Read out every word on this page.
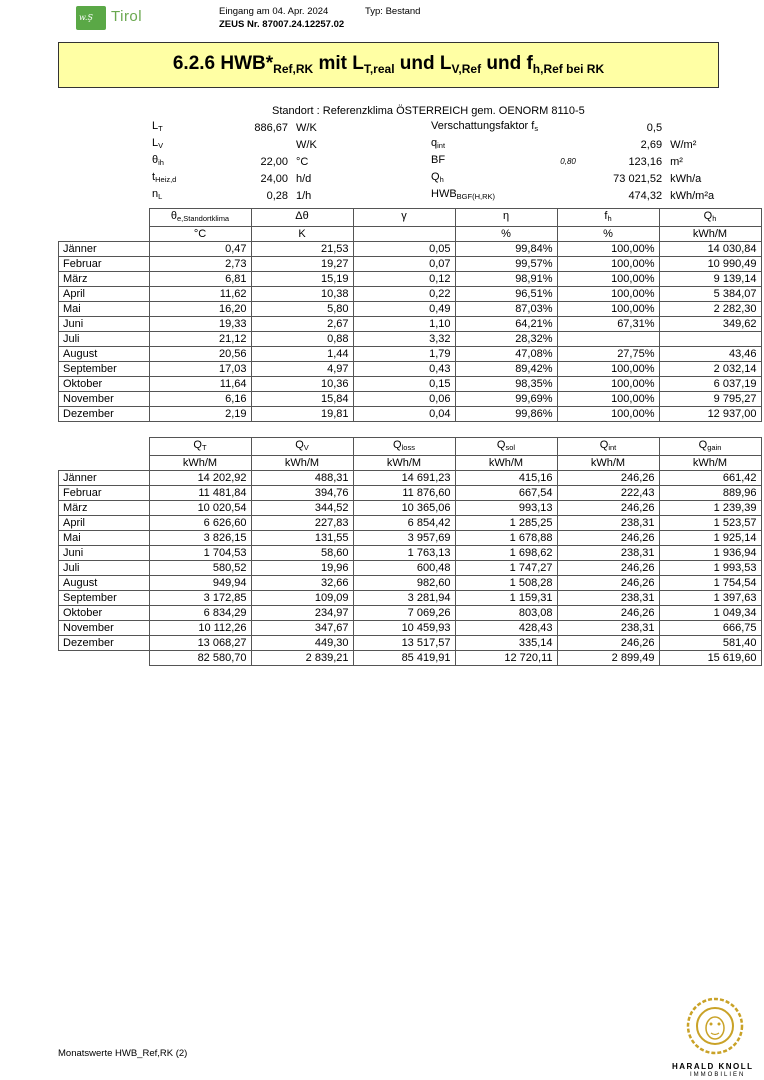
w.Ş Tirol	Eingang am 04. Apr. 2024	Typ: Bestand
ZEUS Nr. 87007.24.12257.02
6.2.6 $HWB*_{Ref,RK}$ mit $L_{T,real}$ und $L_{V,Ref}$ und $f_{h,Ref bei RK}$
Standort : Referenzklima ÖSTERREICH gem. OENORM 8110-5
$L_T$	886,67	W/K
$L_V$		W/K
$\theta_{ih}$	22,00	°C
$t_{Heiz,d}$	24,00	h/d
$n_L$	0,28	1/h
Verschattungsfaktor $f_s$		0,5	
$q_{int}$		2,69	W/m²
BF	0,80	123,16	m²
$Q_h$		73 021,52	kWh/a
$HWB_{BGF(H,RK)}$		474,32	kWh/m²a
	$\theta_{e,Standortklima}$	Δθ	γ	η	$f_h$	$Q_h$
	°C	K		%	%	kWh/M
Jänner	0,47	21,53	0,05	99,84%	100,00%	14 030,84
Februar	2,73	19,27	0,07	99,57%	100,00%	10 990,49
März	6,81	15,19	0,12	98,91%	100,00%	9 139,14
April	11,62	10,38	0,22	96,51%	100,00%	5 384,07
Mai	16,20	5,80	0,49	87,03%	100,00%	2 282,30
Juni	19,33	2,67	1,10	64,21%	67,31%	349,62
Juli	21,12	0,88	3,32	28,32%		
August	20,56	1,44	1,79	47,08%	27,75%	43,46
September	17,03	4,97	0,43	89,42%	100,00%	2 032,14
Oktober	11,64	10,36	0,15	98,35%	100,00%	6 037,19
November	6,16	15,84	0,06	99,69%	100,00%	9 795,27
Dezember	2,19	19,81	0,04	99,86%	100,00%	12 937,00
	$Q_T$	$Q_V$	$Q_{loss}$	$Q_{sol}$	$Q_{int}$	$Q_{gain}$
	kWh/M	kWh/M	kWh/M	kWh/M	kWh/M	kWh/M
Jänner	14 202,92	488,31	14 691,23	415,16	246,26	661,42
Februar	11 481,84	394,76	11 876,60	667,54	222,43	889,96
März	10 020,54	344,52	10 365,06	993,13	246,26	1 239,39
April	6 626,60	227,83	6 854,42	1 285,25	238,31	1 523,57
Mai	3 826,15	131,55	3 957,69	1 678,88	246,26	1 925,14
Juni	1 704,53	58,60	1 763,13	1 698,62	238,31	1 936,94
Juli	580,52	19,96	600,48	1 747,27	246,26	1 993,53
August	949,94	32,66	982,60	1 508,28	246,26	1 754,54
September	3 172,85	109,09	3 281,94	1 159,31	238,31	1 397,63
Oktober	6 834,29	234,97	7 069,26	803,08	246,26	1 049,34
November	10 112,26	347,67	10 459,93	428,43	238,31	666,75
Dezember	13 068,27	449,30	13 517,57	335,14	246,26	581,40
	82 580,70	2 839,21	85 419,91	12 720,11	2 899,49	15 619,60
Monatswerte HWB_Ref,RK (2)
HARALD KNOLL
IMMOBILIEN
